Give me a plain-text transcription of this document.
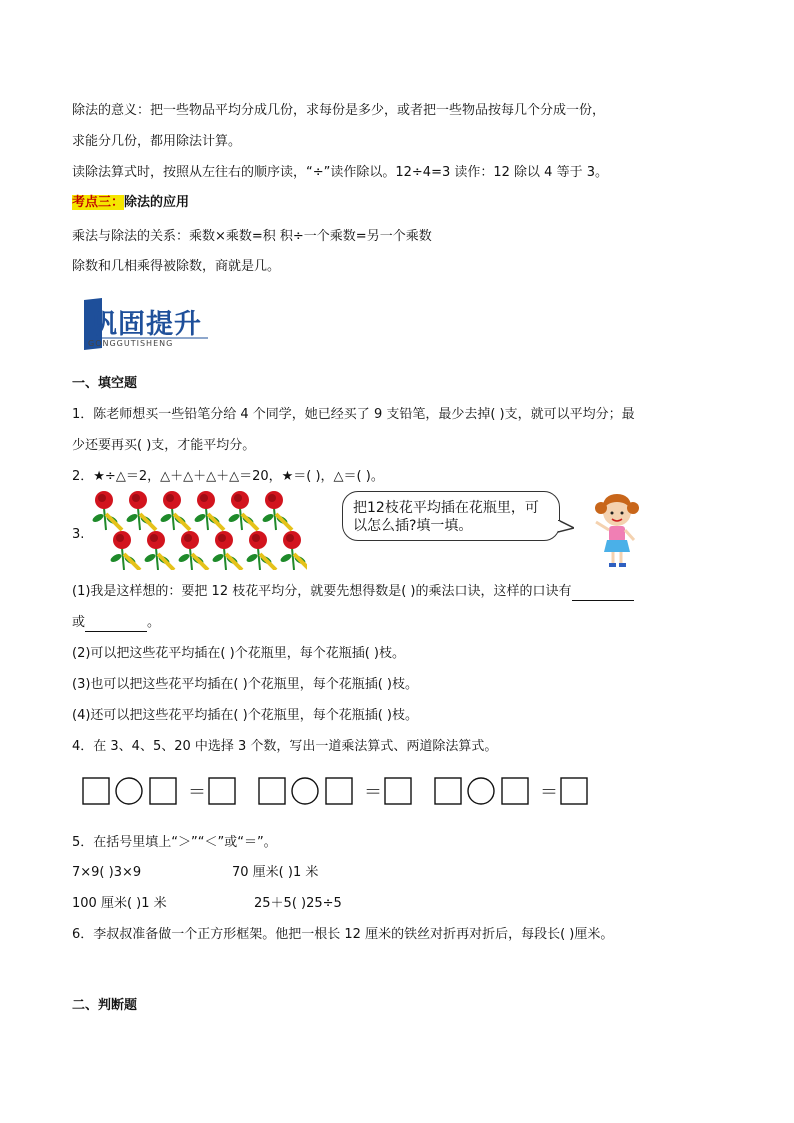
除法的意义：把一些物品平均分成几份，求每份是多少，或者把一些物品按每几个分成一份，
求能分几份，都用除法计算。
读除法算式时，按照从左往右的顺序读，“÷”读作除以。12÷4=3 读作：12 除以 4 等于 3。
考点三：除法的应用
乘法与除法的关系：乘数×乘数=积 积÷一个乘数=另一个乘数
除数和几相乘得被除数，商就是几。
巩固提升
GONGGUTISHENG
一、填空题
1．陈老师想买一些铅笔分给 4 个同学，她已经买了 9 支铅笔，最少去掉( )支，就可以平均分；最
少还要再买( )支，才能平均分。
2．★÷△＝2，△＋△＋△＋△＝20，★＝( )，△＝( )。
3.
把12枝花平均插在花瓶里，可以怎么插?填一填。
(1)我是这样想的：要把 12 枝花平均分，就要先想得数是( )的乘法口诀，这样的口诀有
或	。
(2)可以把这些花平均插在( )个花瓶里，每个花瓶插( )枝。
(3)也可以把这些花平均插在( )个花瓶里，每个花瓶插( )枝。
(4)还可以把这些花平均插在( )个花瓶里，每个花瓶插( )枝。
4．在 3、4、5、20 中选择 3 个数，写出一道乘法算式、两道除法算式。
＝	＝	＝
5．在括号里填上“＞”“＜”或“＝”。
7×9( )3×9	70 厘米( )1 米
100 厘米( )1 米	25＋5( )25÷5
6．李叔叔准备做一个正方形框架。他把一根长 12 厘米的铁丝对折再对折后，每段长( )厘米。
二、判断题
